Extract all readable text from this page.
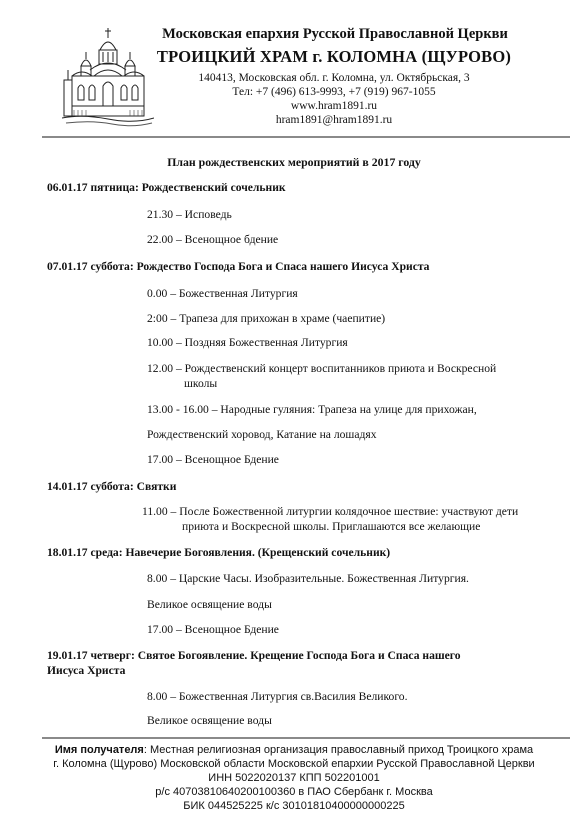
Московская епархия Русской Православной Церкви
ТРОИЦКИЙ ХРАМ г. КОЛОМНА (ЩУРОВО)
140413, Московская обл. г. Коломна, ул. Октябрьская, 3
Тел: +7 (496) 613-9993, +7 (919) 967-1055
www.hram1891.ru
hram1891@hram1891.ru
План рождественских мероприятий в 2017 году
06.01.17 пятница: Рождественский сочельник
21.30 – Исповедь
22.00 – Всенощное бдение
07.01.17 суббота: Рождество Господа Бога и Спаса нашего Иисуса Христа
0.00 – Божественная Литургия
2:00 – Трапеза для прихожан в храме (чаепитие)
10.00 – Поздняя Божественная Литургия
12.00 – Рождественский концерт воспитанников приюта и Воскресной
школы
13.00 - 16.00 – Народные гуляния: Трапеза на улице для прихожан,
Рождественский хоровод, Катание на лошадях
17.00 – Всенощное Бдение
14.01.17 суббота: Святки
11.00 – После Божественной литургии колядочное шествие: участвуют дети
приюта и Воскресной школы. Приглашаются все желающие
18.01.17 среда: Навечерие Богоявления. (Крещенский сочельник)
8.00 – Царские Часы. Изобразительные. Божественная Литургия.
Великое освящение воды
17.00 – Всенощное Бдение
19.01.17 четверг: Святое Богоявление. Крещение Господа Бога и Спаса нашего
Иисуса Христа
8.00 – Божественная Литургия св.Василия Великого.
Великое освящение воды
Имя получателя: Местная религиозная организация православный приход Троицкого храма
г. Коломна (Щурово) Московской области Московской епархии Русской Православной Церкви
ИНН 5022020137 КПП 502201001
р/с 40703810640200100360 в ПАО Сбербанк г. Москва
БИК 044525225 к/с 30101810400000000225
